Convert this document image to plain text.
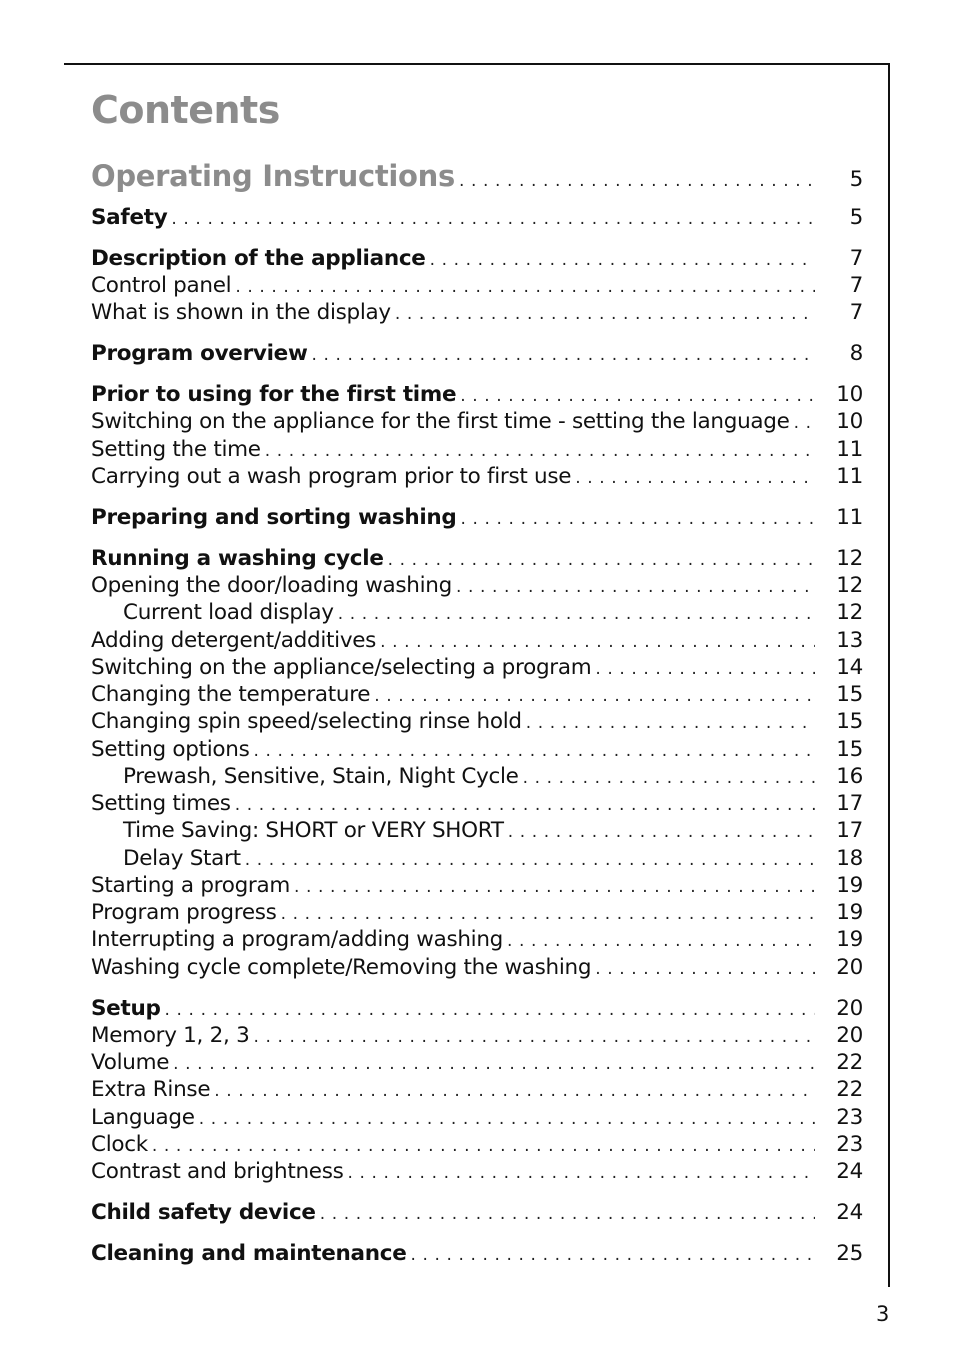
Contents
Operating Instructions . . .	5
Safety . . .	5
Description of the appliance . . .	7
Control panel . . .	7
What is shown in the display . . .	7
Program overview . . .	8
Prior to using for the first time . . .	10
Switching on the appliance for the first time - setting the language . . .	10
Setting the time . . .	11
Carrying out a wash program prior to first use . . .	11
Preparing and sorting washing . . .	11
Running a washing cycle . . .	12
Opening the door/loading washing . . .	12
Current load display . . .	12
Adding detergent/additives . . .	13
Switching on the appliance/selecting a program . . .	14
Changing the temperature . . .	15
Changing spin speed/selecting rinse hold . . .	15
Setting options . . .	15
Prewash, Sensitive, Stain, Night Cycle . . .	16
Setting times . . .	17
Time Saving: SHORT or VERY SHORT . . .	17
Delay Start . . .	18
Starting a program . . .	19
Program progress . . .	19
Interrupting a program/adding washing . . .	19
Washing cycle complete/Removing the washing . . .	20
Setup . . .	20
Memory 1, 2, 3 . . .	20
Volume . . .	22
Extra Rinse . . .	22
Language . . .	23
Clock . . .	23
Contrast and brightness . . .	24
Child safety device . . .	24
Cleaning and maintenance . . .	25
3
